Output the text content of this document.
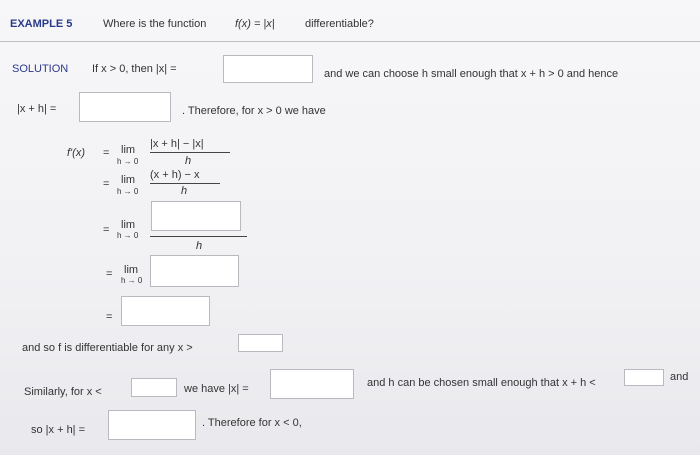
EXAMPLE 5	Where is the function	f(x) = |x|	differentiable?
SOLUTION If x > 0, then |x| =	and we can choose h small enough that x + h > 0 and hence
|x + h| =	. Therefore, for x > 0 we have
f'(x) = lim
h → 0
|x + h| − |x|
h
= lim
h → 0
(x + h) − x
h
= lim
h → 0
h
= lim
h → 0
=
and so f is differentiable for any x >
Similarly, for x <	we have |x| =	and h can be chosen small enough that x + h <	and
so |x + h| =
. Therefore for x < 0,
